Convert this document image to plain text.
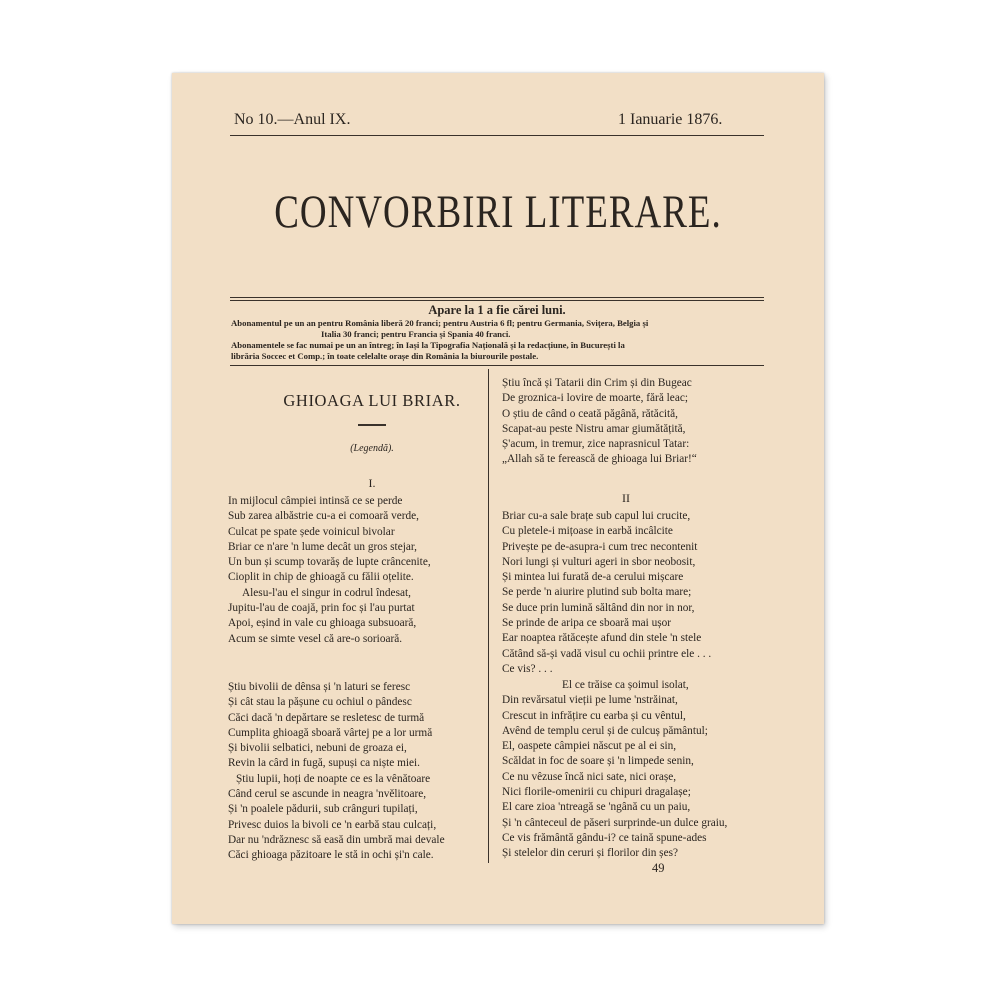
No 10.—Anul IX.	1 Ianuarie 1876.
CONVORBIRI LITERARE.
Apare la 1 a fie cărei luni.
Abonamentul pe un an pentru România liberă 20 franci; pentru Austria 6 fl; pentru Germania, Svițera, Belgia și
Italia 30 franci; pentru Francia și Spania 40 franci.
Abonamentele se fac numai pe un an întreg; în Iași la Tipografia Națională și la redacțiune, în București la
librăria Soccec et Comp.; în toate celelalte orașe din România la biurourile postale.
GHIOAGA LUI BRIAR.
(Legendă).
I.
In mijlocul câmpiei intinsă ce se perde
Sub zarea albăstrie cu-a ei comoară verde,
Culcat pe spate șede voinicul bivolar
Briar ce n'are 'n lume decât un gros stejar,
Un bun și scump tovarăș de lupte crâncenite,
Cioplit in chip de ghioagă cu fălii oțelite.
Alesu-l'au el singur in codrul îndesat,
Jupitu-l'au de coajă, prin foc și l'au purtat
Apoi, eșind in vale cu ghioaga subsuoară,
Acum se simte vesel că are-o sorioară.
Știu bivolii de dênsa și 'n laturi se feresc
Și cât stau la pășune cu ochiul o pândesc
Căci dacă 'n depărtare se resletesc de turmă
Cumplita ghioagă sboară vârtej pe a lor urmă
Și bivolii selbatici, nebuni de groaza ei,
Revin la cârd in fugă, supuși ca niște miei.
Știu lupii, hoți de noapte ce es la vênătoare
Când cerul se ascunde in neagra 'nvělitoare,
Și 'n poalele pădurii, sub crânguri tupilați,
Privesc duios la bivoli ce 'n earbă stau culcați,
Dar nu 'ndrăznesc să easă din umbră mai devale
Căci ghioaga păzitoare le stă in ochi și'n cale.
Știu încă și Tatarii din Crim și din Bugeac
De groznica-i lovire de moarte, fără leac;
O știu de când o ceată păgână, rătăcită,
Scapat-au peste Nistru amar giumătățită,
Ș'acum, in tremur, zice naprasnicul Tatar:
„Allah să te ferească de ghioaga lui Briar!“
II
Briar cu-a sale brațe sub capul lui crucite,
Cu pletele-i mițoase in earbă incâlcite
Privește pe de-asupra-i cum trec necontenit
Nori lungi și vulturi ageri in sbor neobosit,
Și mintea lui furată de-a cerului mișcare
Se perde 'n aiurire plutind sub bolta mare;
Se duce prin lumină săltând din nor in nor,
Se prinde de aripa ce sboară mai ușor
Ear noaptea rătăcește afund din stele 'n stele
Cătând să-și vadă visul cu ochii printre ele . . .
Ce vis? . . .
El ce trăise ca șoimul isolat,
Din revărsatul vieții pe lume 'nstrăinat,
Crescut in infrățire cu earba și cu vêntul,
Avênd de templu cerul și de culcuș pământul;
El, oaspete câmpiei născut pe al ei sin,
Scăldat in foc de soare și 'n limpede senin,
Ce nu vêzuse încă nici sate, nici orașe,
Nici florile-omenirii cu chipuri dragalașe;
El care zioa 'ntreagă se 'ngână cu un paiu,
Și 'n cânteceul de păseri surprinde-un dulce graiu,
Ce vis frământă gându-i? ce taină spune-ades
Și stelelor din ceruri și florilor din șes?
49
